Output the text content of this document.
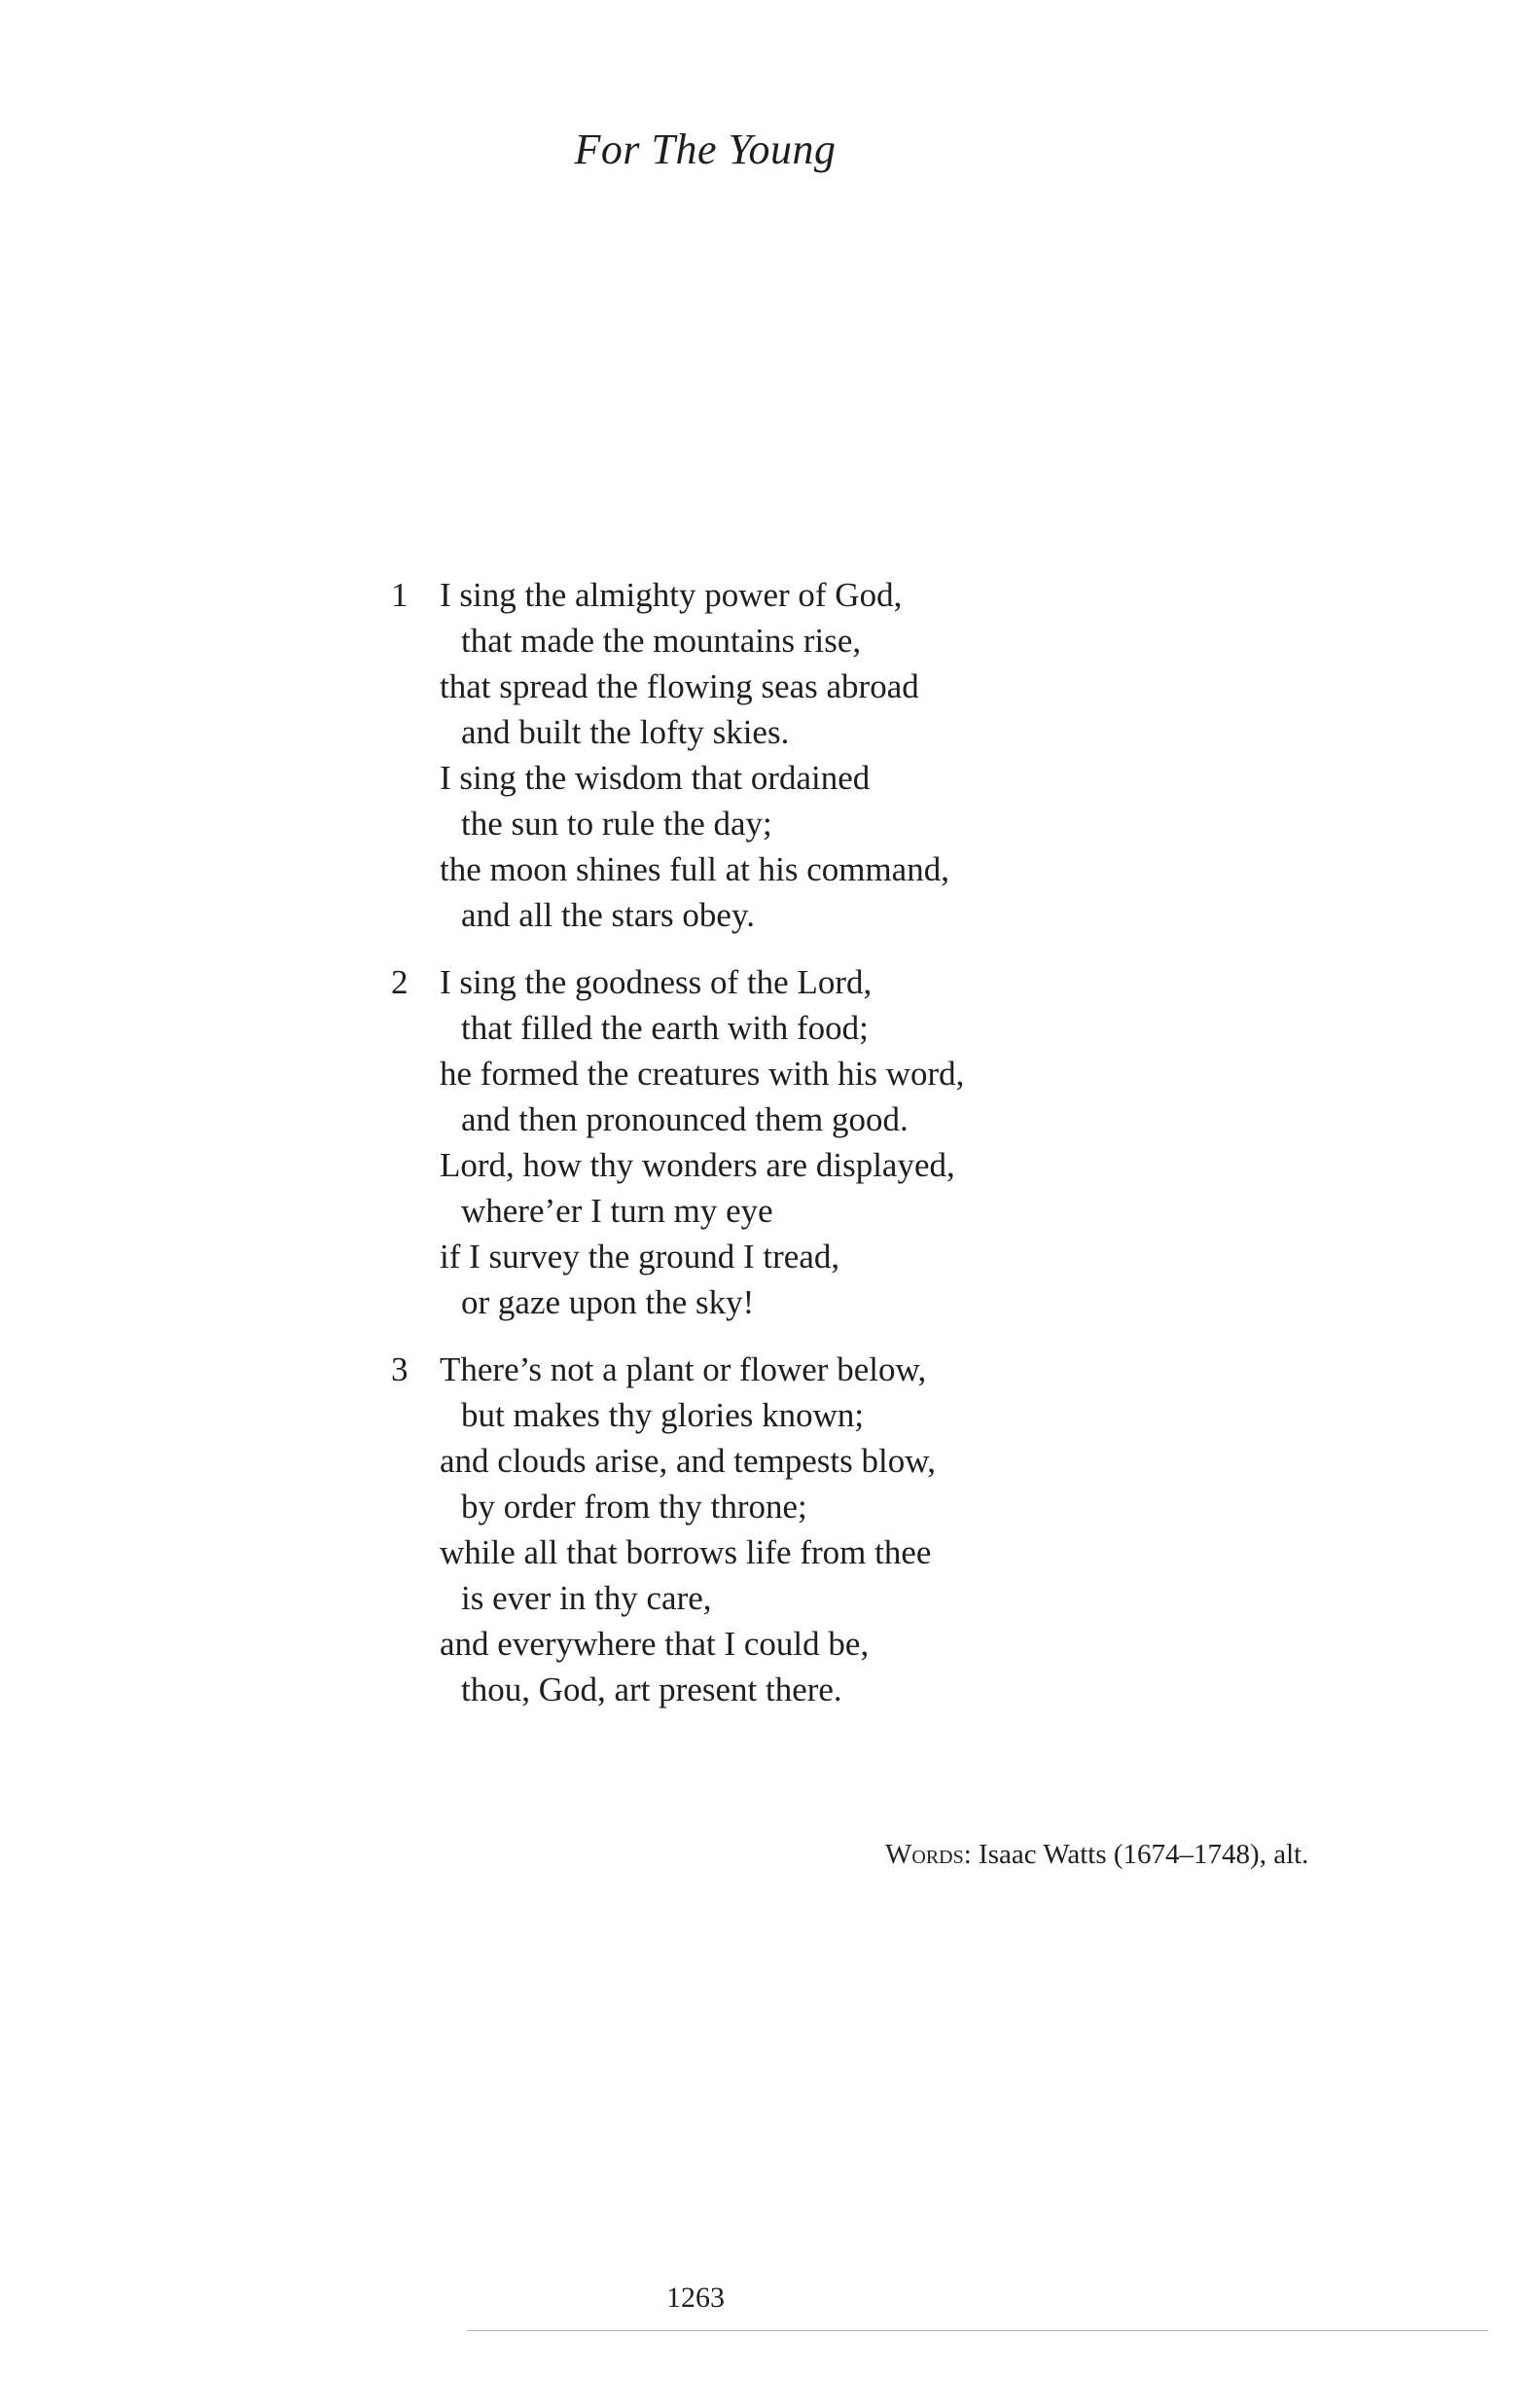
For The Young
1 I sing the almighty power of God,
that made the mountains rise,
that spread the flowing seas abroad
and built the lofty skies.
I sing the wisdom that ordained
the sun to rule the day;
the moon shines full at his command,
and all the stars obey.
2 I sing the goodness of the Lord,
that filled the earth with food;
he formed the creatures with his word,
and then pronounced them good.
Lord, how thy wonders are displayed,
where’er I turn my eye
if I survey the ground I tread,
or gaze upon the sky!
3 There’s not a plant or flower below,
but makes thy glories known;
and clouds arise, and tempests blow,
by order from thy throne;
while all that borrows life from thee
is ever in thy care,
and everywhere that I could be,
thou, God, art present there.
Words: Isaac Watts (1674–1748), alt.
1263
